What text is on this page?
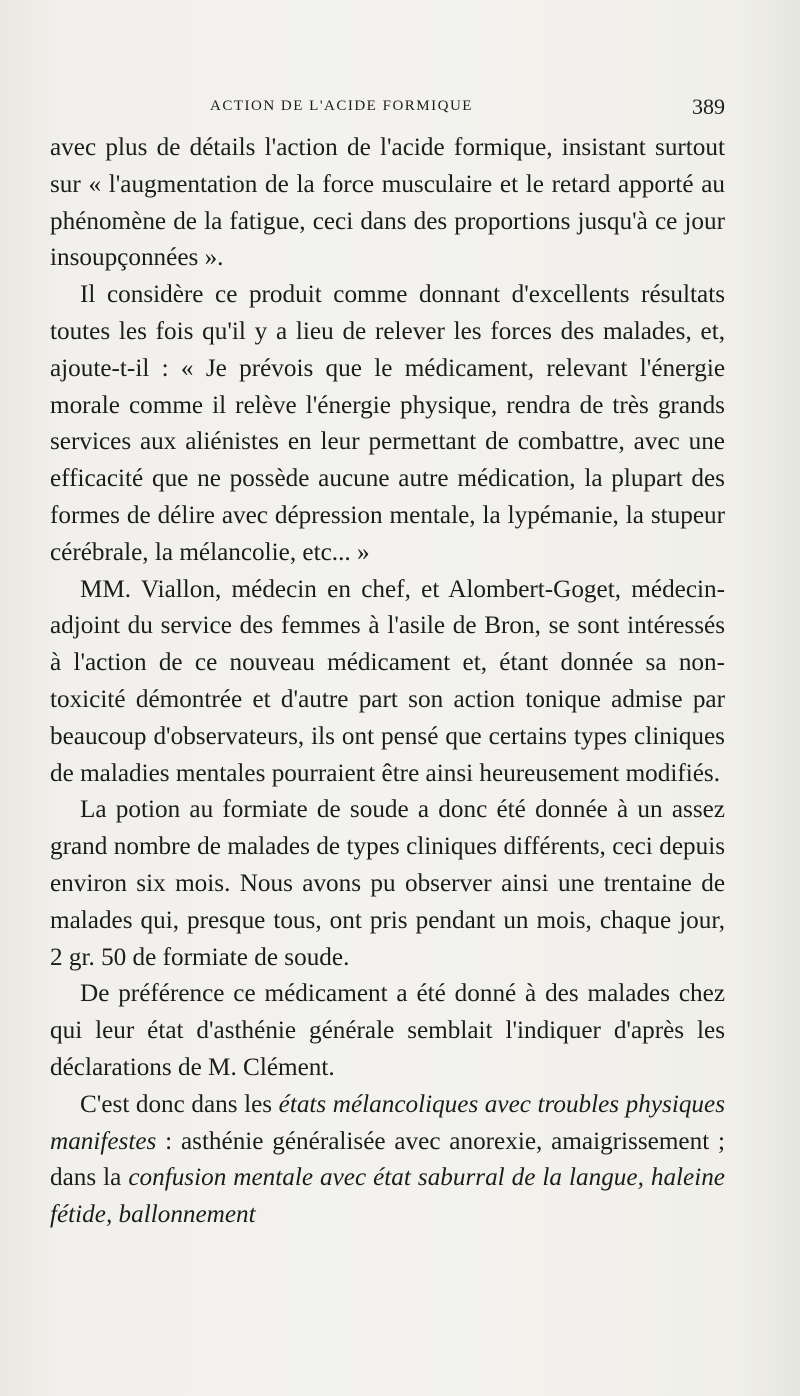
ACTION DE L'ACIDE FORMIQUE	389

avec plus de détails l'action de l'acide formique, insistant surtout sur « l'augmentation de la force musculaire et le retard apporté au phénomène de la fatigue, ceci dans des proportions jusqu'à ce jour insoupçonnées ».

Il considère ce produit comme donnant d'excellents résultats toutes les fois qu'il y a lieu de relever les forces des malades, et, ajoute-t-il : « Je prévois que le médicament, relevant l'énergie morale comme il relève l'énergie physique, rendra de très grands services aux aliénistes en leur permettant de combattre, avec une efficacité que ne possède aucune autre médication, la plupart des formes de délire avec dépression mentale, la lypémanie, la stupeur cérébrale, la mélancolie, etc... »

MM. Viallon, médecin en chef, et Alombert-Goget, médecin-adjoint du service des femmes à l'asile de Bron, se sont intéressés à l'action de ce nouveau médicament et, étant donnée sa non-toxicité démontrée et d'autre part son action tonique admise par beaucoup d'observateurs, ils ont pensé que certains types cliniques de maladies mentales pourraient être ainsi heureusement modifiés.

La potion au formiate de soude a donc été donnée à un assez grand nombre de malades de types cliniques différents, ceci depuis environ six mois. Nous avons pu observer ainsi une trentaine de malades qui, presque tous, ont pris pendant un mois, chaque jour, 2 gr. 50 de formiate de soude.

De préférence ce médicament a été donné à des malades chez qui leur état d'asthénie générale semblait l'indiquer d'après les déclarations de M. Clément.

C'est donc dans les états mélancoliques avec troubles physiques manifestes : asthénie généralisée avec anorexie, amaigrissement ; dans la confusion mentale avec état saburral de la langue, haleine fétide, ballonnement
